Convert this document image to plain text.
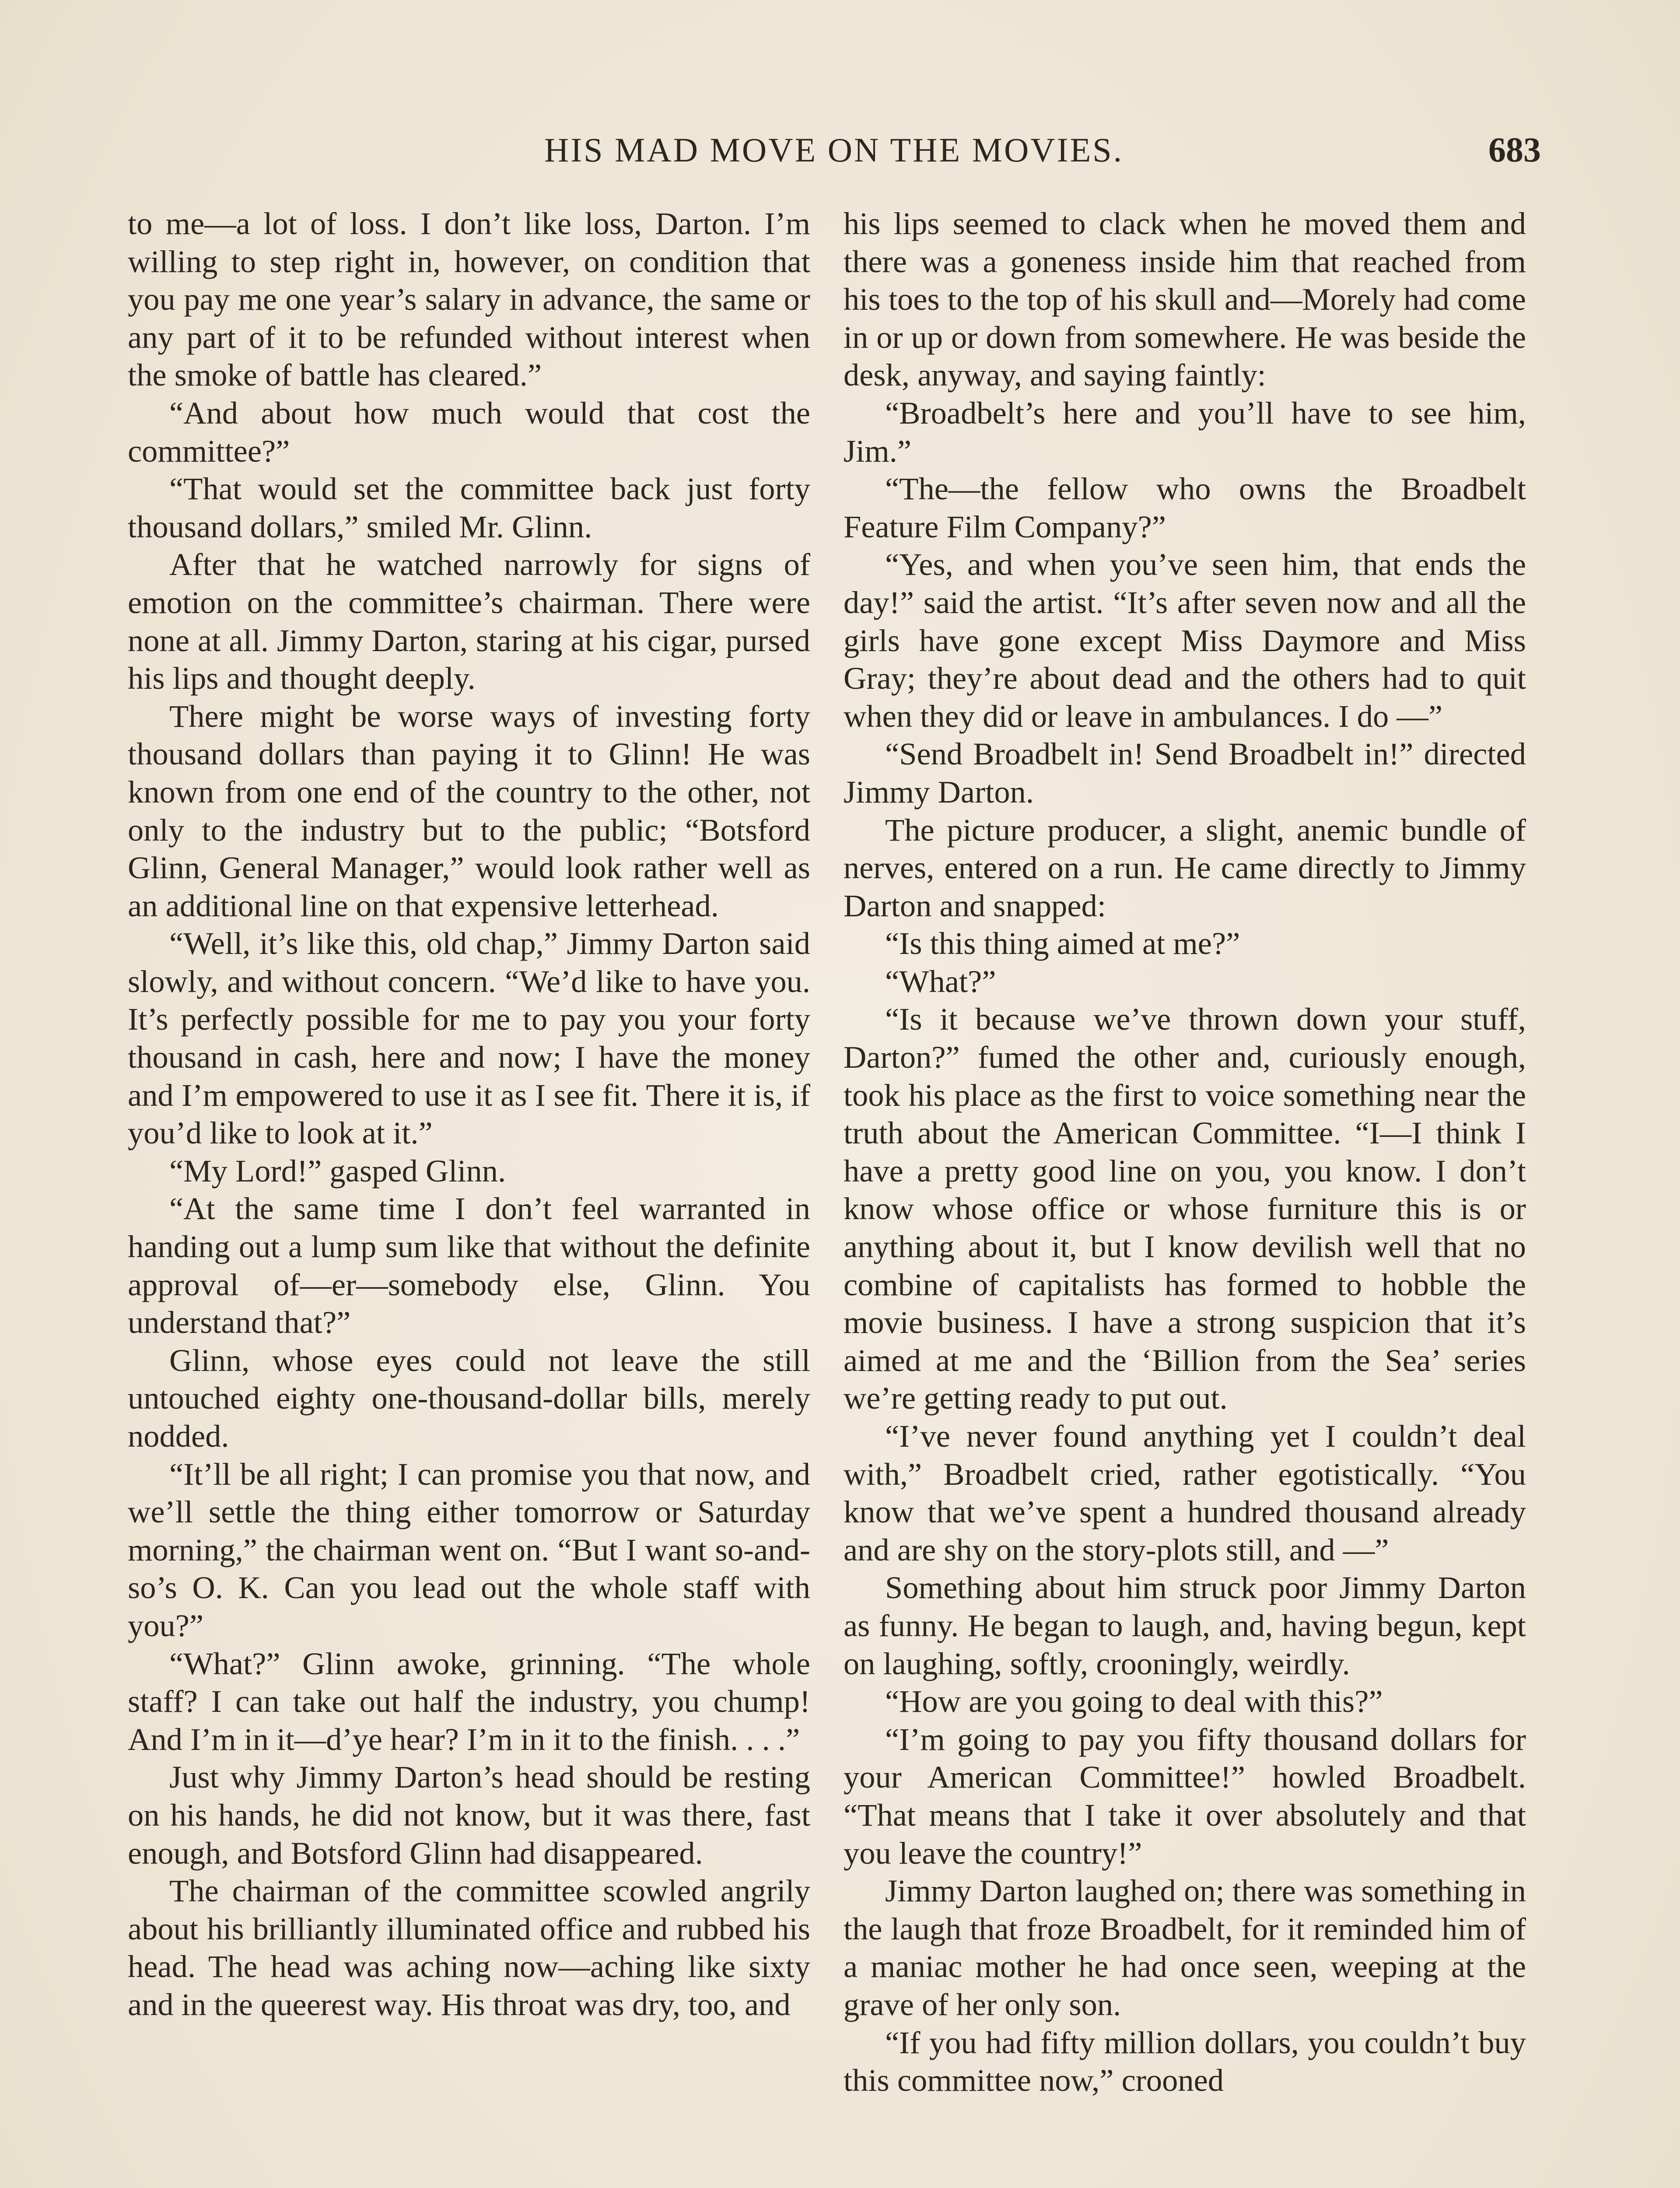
HIS MAD MOVE ON THE MOVIES.	683

to me—a lot of loss. I don’t like loss, Darton. I’m willing to step right in, however, on condition that you pay me one year’s salary in advance, the same or any part of it to be refunded without interest when the smoke of battle has cleared.”

“And about how much would that cost the committee?”

“That would set the committee back just forty thousand dollars,” smiled Mr. Glinn.

After that he watched narrowly for signs of emotion on the committee’s chairman. There were none at all. Jimmy Darton, staring at his cigar, pursed his lips and thought deeply.

There might be worse ways of investing forty thousand dollars than paying it to Glinn! He was known from one end of the country to the other, not only to the industry but to the public; “Botsford Glinn, General Manager,” would look rather well as an additional line on that expensive letterhead.

“Well, it’s like this, old chap,” Jimmy Darton said slowly, and without concern. “We’d like to have you. It’s perfectly possible for me to pay you your forty thousand in cash, here and now; I have the money and I’m empowered to use it as I see fit. There it is, if you’d like to look at it.”

“My Lord!” gasped Glinn.

“At the same time I don’t feel warranted in handing out a lump sum like that without the definite approval of—er—somebody else, Glinn. You understand that?”

Glinn, whose eyes could not leave the still untouched eighty one-thousand-dollar bills, merely nodded.

“It’ll be all right; I can promise you that now, and we’ll settle the thing either tomorrow or Saturday morning,” the chairman went on. “But I want so-and-so’s O. K. Can you lead out the whole staff with you?”

“What?” Glinn awoke, grinning. “The whole staff? I can take out half the industry, you chump! And I’m in it—d’ye hear? I’m in it to the finish. . . .”

Just why Jimmy Darton’s head should be resting on his hands, he did not know, but it was there, fast enough, and Botsford Glinn had disappeared.

The chairman of the committee scowled angrily about his brilliantly illuminated office and rubbed his head. The head was aching now—aching like sixty and in the queerest way. His throat was dry, too, and

his lips seemed to clack when he moved them and there was a goneness inside him that reached from his toes to the top of his skull and—Morely had come in or up or down from somewhere. He was beside the desk, anyway, and saying faintly:

“Broadbelt’s here and you’ll have to see him, Jim.”

“The—the fellow who owns the Broadbelt Feature Film Company?”

“Yes, and when you’ve seen him, that ends the day!” said the artist. “It’s after seven now and all the girls have gone except Miss Daymore and Miss Gray; they’re about dead and the others had to quit when they did or leave in ambulances. I do —”

“Send Broadbelt in! Send Broadbelt in!” directed Jimmy Darton.

The picture producer, a slight, anemic bundle of nerves, entered on a run. He came directly to Jimmy Darton and snapped:

“Is this thing aimed at me?”

“What?”

“Is it because we’ve thrown down your stuff, Darton?” fumed the other and, curiously enough, took his place as the first to voice something near the truth about the American Committee. “I—I think I have a pretty good line on you, you know. I don’t know whose office or whose furniture this is or anything about it, but I know devilish well that no combine of capitalists has formed to hobble the movie business. I have a strong suspicion that it’s aimed at me and the ‘Billion from the Sea’ series we’re getting ready to put out.

“I’ve never found anything yet I couldn’t deal with,” Broadbelt cried, rather egotistically. “You know that we’ve spent a hundred thousand already and are shy on the story-plots still, and —”

Something about him struck poor Jimmy Darton as funny. He began to laugh, and, having begun, kept on laughing, softly, crooningly, weirdly.

“How are you going to deal with this?”

“I’m going to pay you fifty thousand dollars for your American Committee!” howled Broadbelt. “That means that I take it over absolutely and that you leave the country!”

Jimmy Darton laughed on; there was something in the laugh that froze Broadbelt, for it reminded him of a maniac mother he had once seen, weeping at the grave of her only son.

“If you had fifty million dollars, you couldn’t buy this committee now,” crooned
